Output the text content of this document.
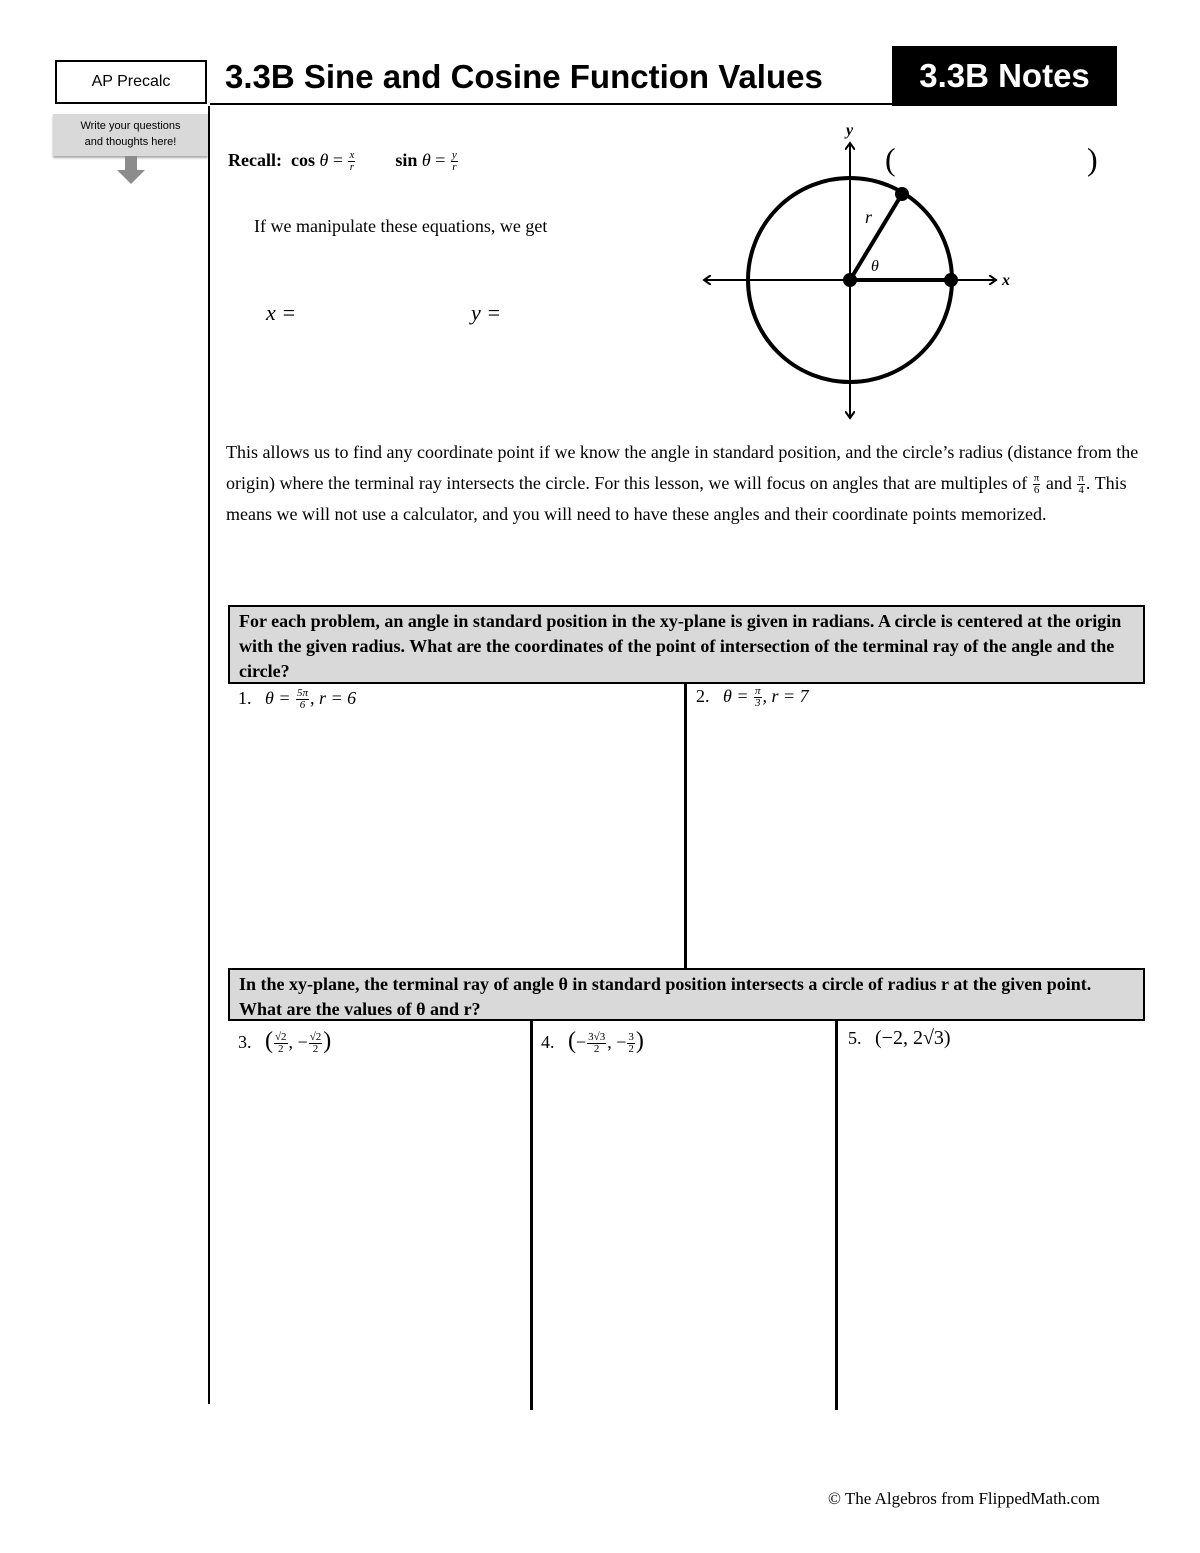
AP Precalc
Write your questions
and thoughts here!
3.3B Sine and Cosine Function Values	3.3B Notes
Recall: $\cos \theta = \frac{x}{r}$ $\sin \theta = \frac{y}{r}$
If we manipulate these equations, we get
x =	y =
y
x
r
θ
(	)
This allows us to find any coordinate point if we know the angle in standard position, and the circle’s radius (distance from the origin) where the terminal ray intersects the circle. For this lesson, we will focus on angles that are multiples of $\frac{\pi}{6}$ and $\frac{\pi}{4}$ . This means we will not use a calculator, and you will need to have these angles and their coordinate points memorized.
For each problem, an angle in standard position in the xy-plane is given in radians. A circle is centered at the origin with the given radius. What are the coordinates of the point of intersection of the terminal ray of the angle and the circle?
1. $\theta = \frac{5\pi}{6}$ , r = 6	2. $\theta = \frac{\pi}{3}$ , r = 7
In the xy-plane, the terminal ray of angle θ in standard position intersects a circle of radius r at the given point. What are the values of θ and r?
3. ( $\frac{√2}{2}$ , − $\frac{√2}{2}$ )	4. (− $\frac{3√3}{2}$ , − $\frac{3}{2}$ )	5. (−2, 2√3)
© The Algebros from FlippedMath.com
